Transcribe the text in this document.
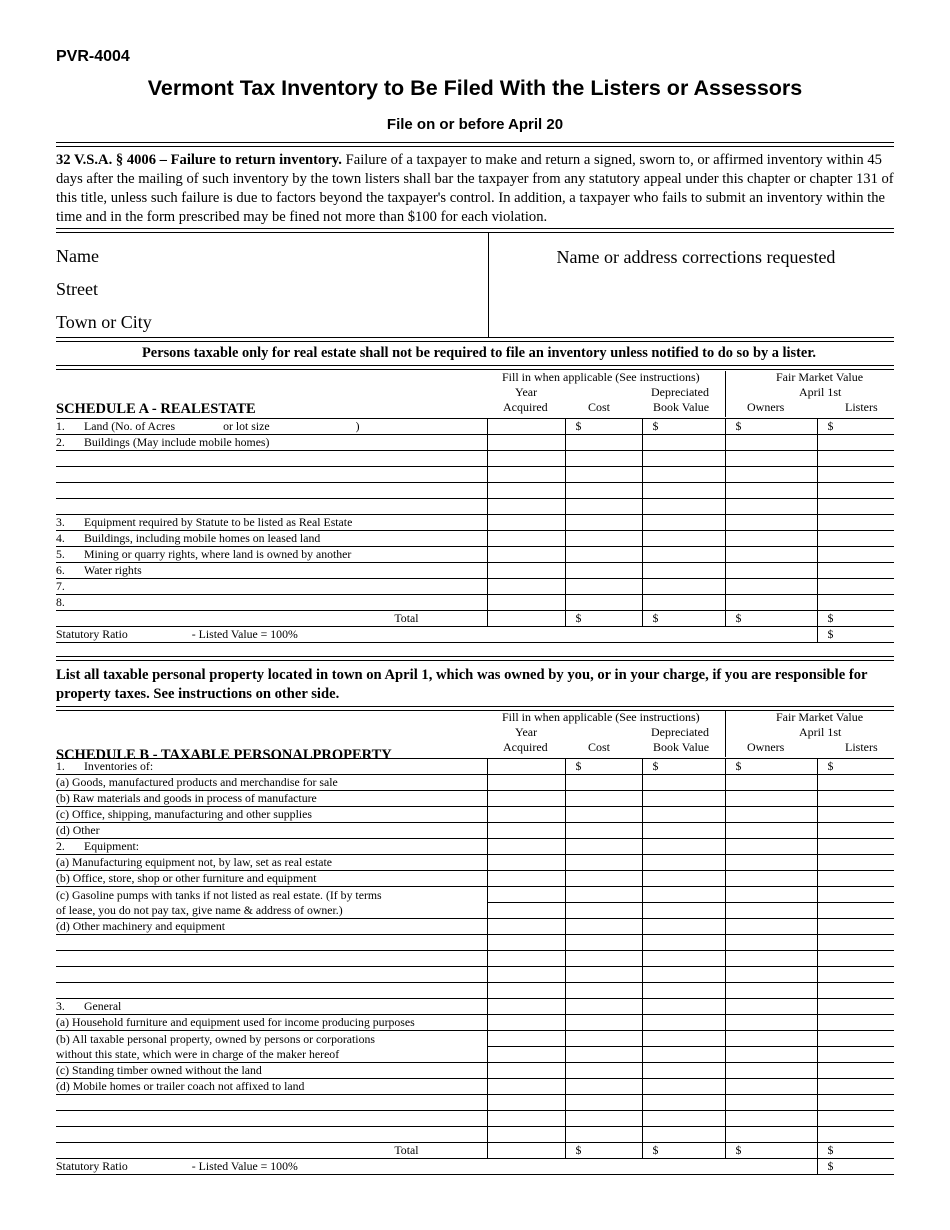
PVR-4004
Vermont Tax Inventory to Be Filed With the Listers or Assessors
File on or before April 20
32 V.S.A. § 4006 – Failure to return inventory. Failure of a taxpayer to make and return a signed, sworn to, or affirmed inventory within 45 days after the mailing of such inventory by the town listers shall bar the taxpayer from any statutory appeal under this chapter or chapter 131 of this title, unless such failure is due to factors beyond the taxpayer's control. In addition, a taxpayer who fails to submit an inventory within the time and in the form prescribed may be fined not more than $100 for each violation.
Name
Street
Town or City
Name or address corrections requested
Persons taxable only for real estate shall not be required to file an inventory unless notified to do so by a lister.
Fill in when applicable (See instructions)
Year
Acquired	Cost
Depreciated
Book Value
Fair Market Value
April 1st
Owners	Listers
SCHEDULE A - REALESTATE
1. Land (No. of Acres or lot size )		$	$	$	$
2. Buildings (May include mobile homes)					

3. Equipment required by Statute to be listed as Real Estate					
4. Buildings, including mobile homes on leased land					
5. Mining or quarry rights, where land is owned by another					
6. Water rights					
7.					
8.					
Total		$	$	$	$
Statutory Ratio - Listed Value = 100%					$
List all taxable personal property located in town on April 1, which was owned by you, or in your charge, if you are responsible for property taxes. See instructions on other side.
Fill in when applicable (See instructions)
Year
Acquired	Cost
Depreciated
Book Value
Fair Market Value
April 1st
Owners	Listers
SCHEDULE B - TAXABLE PERSONALPROPERTY
1. Inventories of:		$	$	$	$
(a) Goods, manufactured products and merchandise for sale					
(b) Raw materials and goods in process of manufacture					
(c) Office, shipping, manufacturing and other supplies					
(d) Other					
2. Equipment:					
(a) Manufacturing equipment not, by law, set as real estate					
(b) Office, store, shop or other furniture and equipment					
(c) Gasoline pumps with tanks if not listed as real estate. (If by terms					
of lease, you do not pay tax, give name & address of owner.)					
(d) Other machinery and equipment					

3. General					
(a) Household furniture and equipment used for income producing purposes					
(b) All taxable personal property, owned by persons or corporations					
without this state, which were in charge of the maker hereof					
(c) Standing timber owned without the land					
(d) Mobile homes or trailer coach not affixed to land					

Total		$	$	$	$
Statutory Ratio - Listed Value = 100%					$
